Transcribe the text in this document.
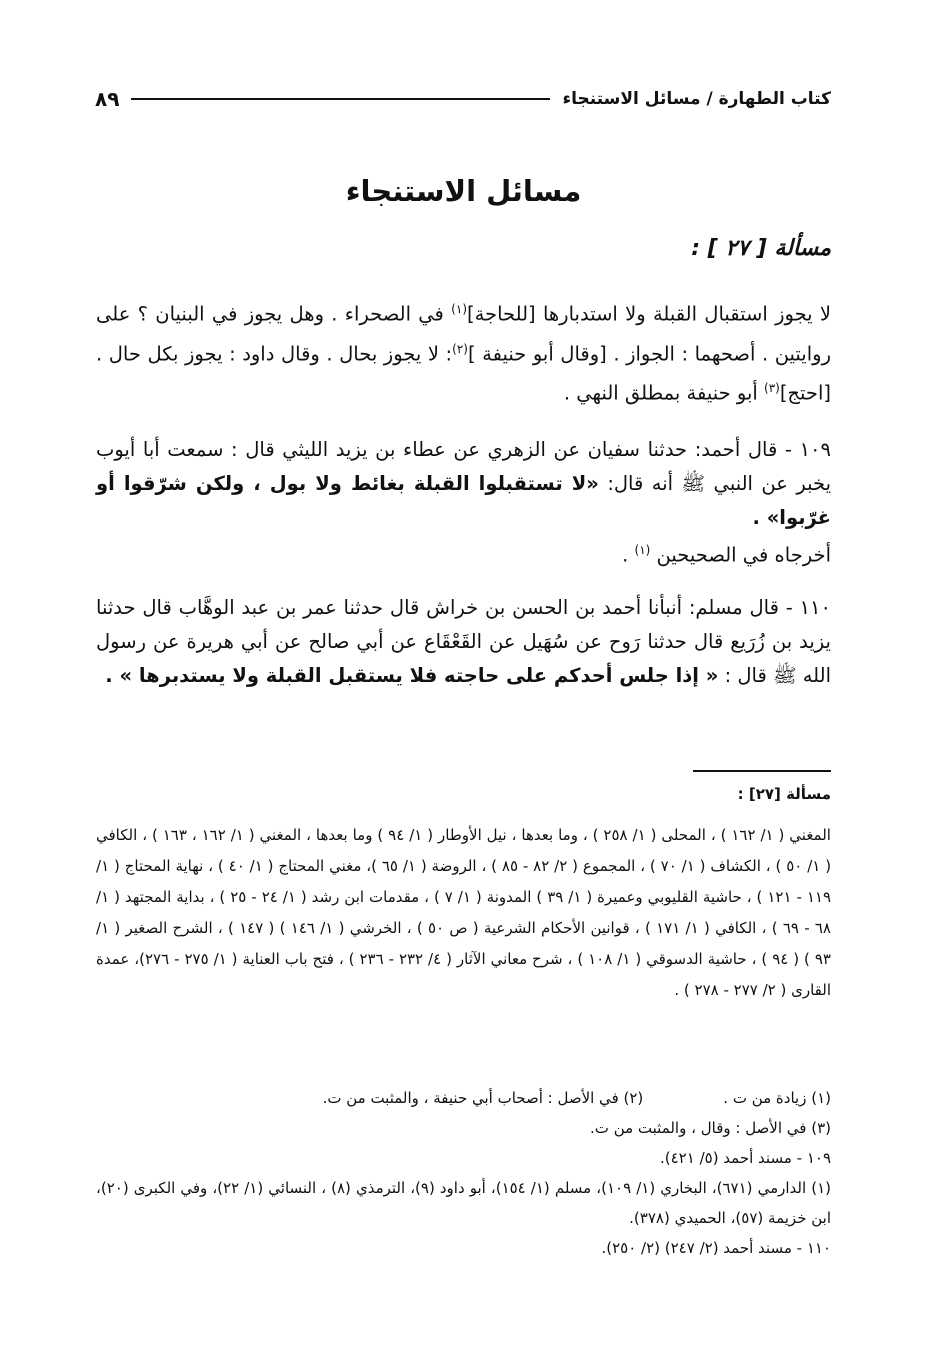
كتاب الطهارة / مسائل الاستنجاء
٨٩
مسائل الاستنجاء
مسألة [ ٢٧ ] :

لا يجوز استقبال القبلة ولا استدبارها [للحاجة]$^{(١)}$ في الصحراء . وهل يجوز في البنيان ؟ على روايتين . أصحهما : الجواز . [وقال أبو حنيفة ]$^{(٢)}$: لا يجوز بحال . وقال داود : يجوز بكل حال . [احتج]$^{(٣)}$ أبو حنيفة بمطلق النهي .

١٠٩ - قال أحمد: حدثنا سفيان عن الزهري عن عطاء بن يزيد الليثي قال : سمعت أبا أيوب يخبر عن النبي ﷺ أنه قال: «لا تستقبلوا القبلة بغائط ولا بول ، ولكن شرّقوا أو غرّبوا» .

أخرجاه في الصحيحين $^{(١)}$ .

١١٠ - قال مسلم: أنبأنا أحمد بن الحسن بن خراش قال حدثنا عمر بن عبد الوهَّاب قال حدثنا يزيد بن زُرَيع قال حدثنا رَوح عن سُهَيل عن القَعْقَاع عن أبي صالح عن أبي هريرة عن رسول الله ﷺ قال : « إذا جلس أحدكم على حاجته فلا يستقبل القبلة ولا يستدبرها » .

مسألة [٢٧] :
المغني ( ١/ ١٦٢ ) ، المحلى ( ١/ ٢٥٨ ) ، وما بعدها ، نيل الأوطار ( ١/ ٩٤ ) وما بعدها ، المغني ( ١/ ١٦٢ ، ١٦٣ ) ، الكافي ( ١/ ٥٠ ) ، الكشاف ( ١/ ٧٠ ) ، المجموع ( ٢/ ٨٢ - ٨٥ ) ، الروضة ( ١/ ٦٥ )، مغني المحتاج ( ١/ ٤٠ ) ، نهاية المحتاج ( ١/ ١١٩ - ١٢١ ) ، حاشية القليوبي وعميرة ( ١/ ٣٩ ) المدونة ( ١/ ٧ ) ، مقدمات ابن رشد ( ١/ ٢٤ - ٢٥ ) ، بداية المجتهد ( ١/ ٦٨ - ٦٩ ) ، الكافي ( ١/ ١٧١ ) ، قوانين الأحكام الشرعية ( ص ٥٠ ) ، الخرشي ( ١/ ١٤٦ ) ( ١٤٧ ) ، الشرح الصغير ( ١/ ٩٣ ) ( ٩٤ ) ، حاشية الدسوقي ( ١/ ١٠٨ ) ، شرح معاني الآثار ( ٤/ ٢٣٢ - ٢٣٦ ) ، فتح باب العناية ( ١/ ٢٧٥ - ٢٧٦)، عمدة القارى ( ٢/ ٢٧٧ - ٢٧٨ ) .
(١) زيادة من ت .
(٢) في الأصل : أصحاب أبي حنيفة ، والمثبت من ت.
(٣) في الأصل : وقال ، والمثبت من ت.
١٠٩ - مسند أحمد (٥/ ٤٢١).
(١) الدارمي (٦٧١)، البخاري (١/ ١٠٩)، مسلم (١/ ١٥٤)، أبو داود (٩)، الترمذي (٨) ، النسائي (١/ ٢٢)، وفي الكبرى (٢٠)، ابن خزيمة (٥٧)، الحميدي (٣٧٨).
١١٠ - مسند أحمد (٢/ ٢٤٧) (٢/ ٢٥٠).
